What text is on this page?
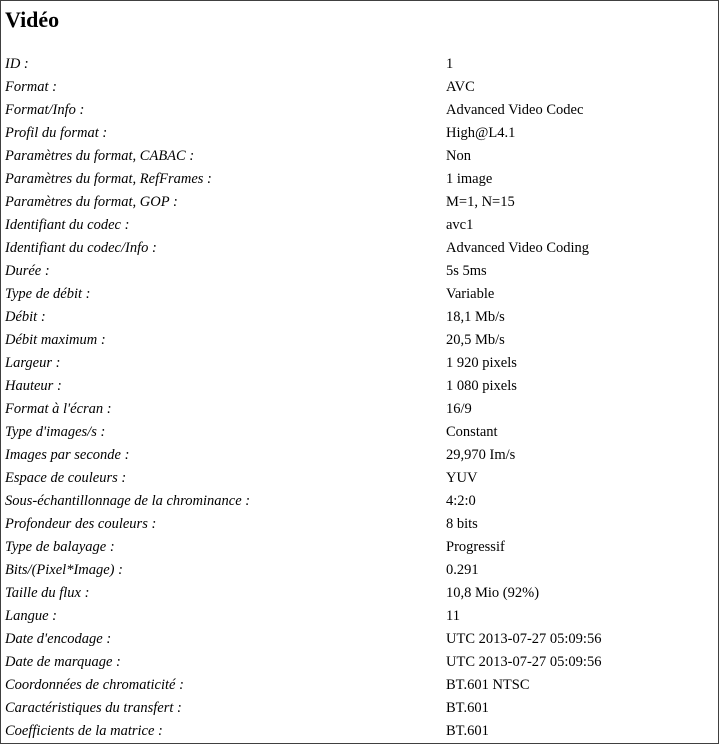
Vidéo
ID :	1
Format :	AVC
Format/Info :	Advanced Video Codec
Profil du format :	High@L4.1
Paramètres du format, CABAC :	Non
Paramètres du format, RefFrames :	1 image
Paramètres du format, GOP :	M=1, N=15
Identifiant du codec :	avc1
Identifiant du codec/Info :	Advanced Video Coding
Durée :	5s 5ms
Type de débit :	Variable
Débit :	18,1 Mb/s
Débit maximum :	20,5 Mb/s
Largeur :	1 920 pixels
Hauteur :	1 080 pixels
Format à l'écran :	16/9
Type d'images/s :	Constant
Images par seconde :	29,970 Im/s
Espace de couleurs :	YUV
Sous-échantillonnage de la chrominance :	4:2:0
Profondeur des couleurs :	8 bits
Type de balayage :	Progressif
Bits/(Pixel*Image) :	0.291
Taille du flux :	10,8 Mio (92%)
Langue :	11
Date d'encodage :	UTC 2013-07-27 05:09:56
Date de marquage :	UTC 2013-07-27 05:09:56
Coordonnées de chromaticité :	BT.601 NTSC
Caractéristiques du transfert :	BT.601
Coefficients de la matrice :	BT.601
